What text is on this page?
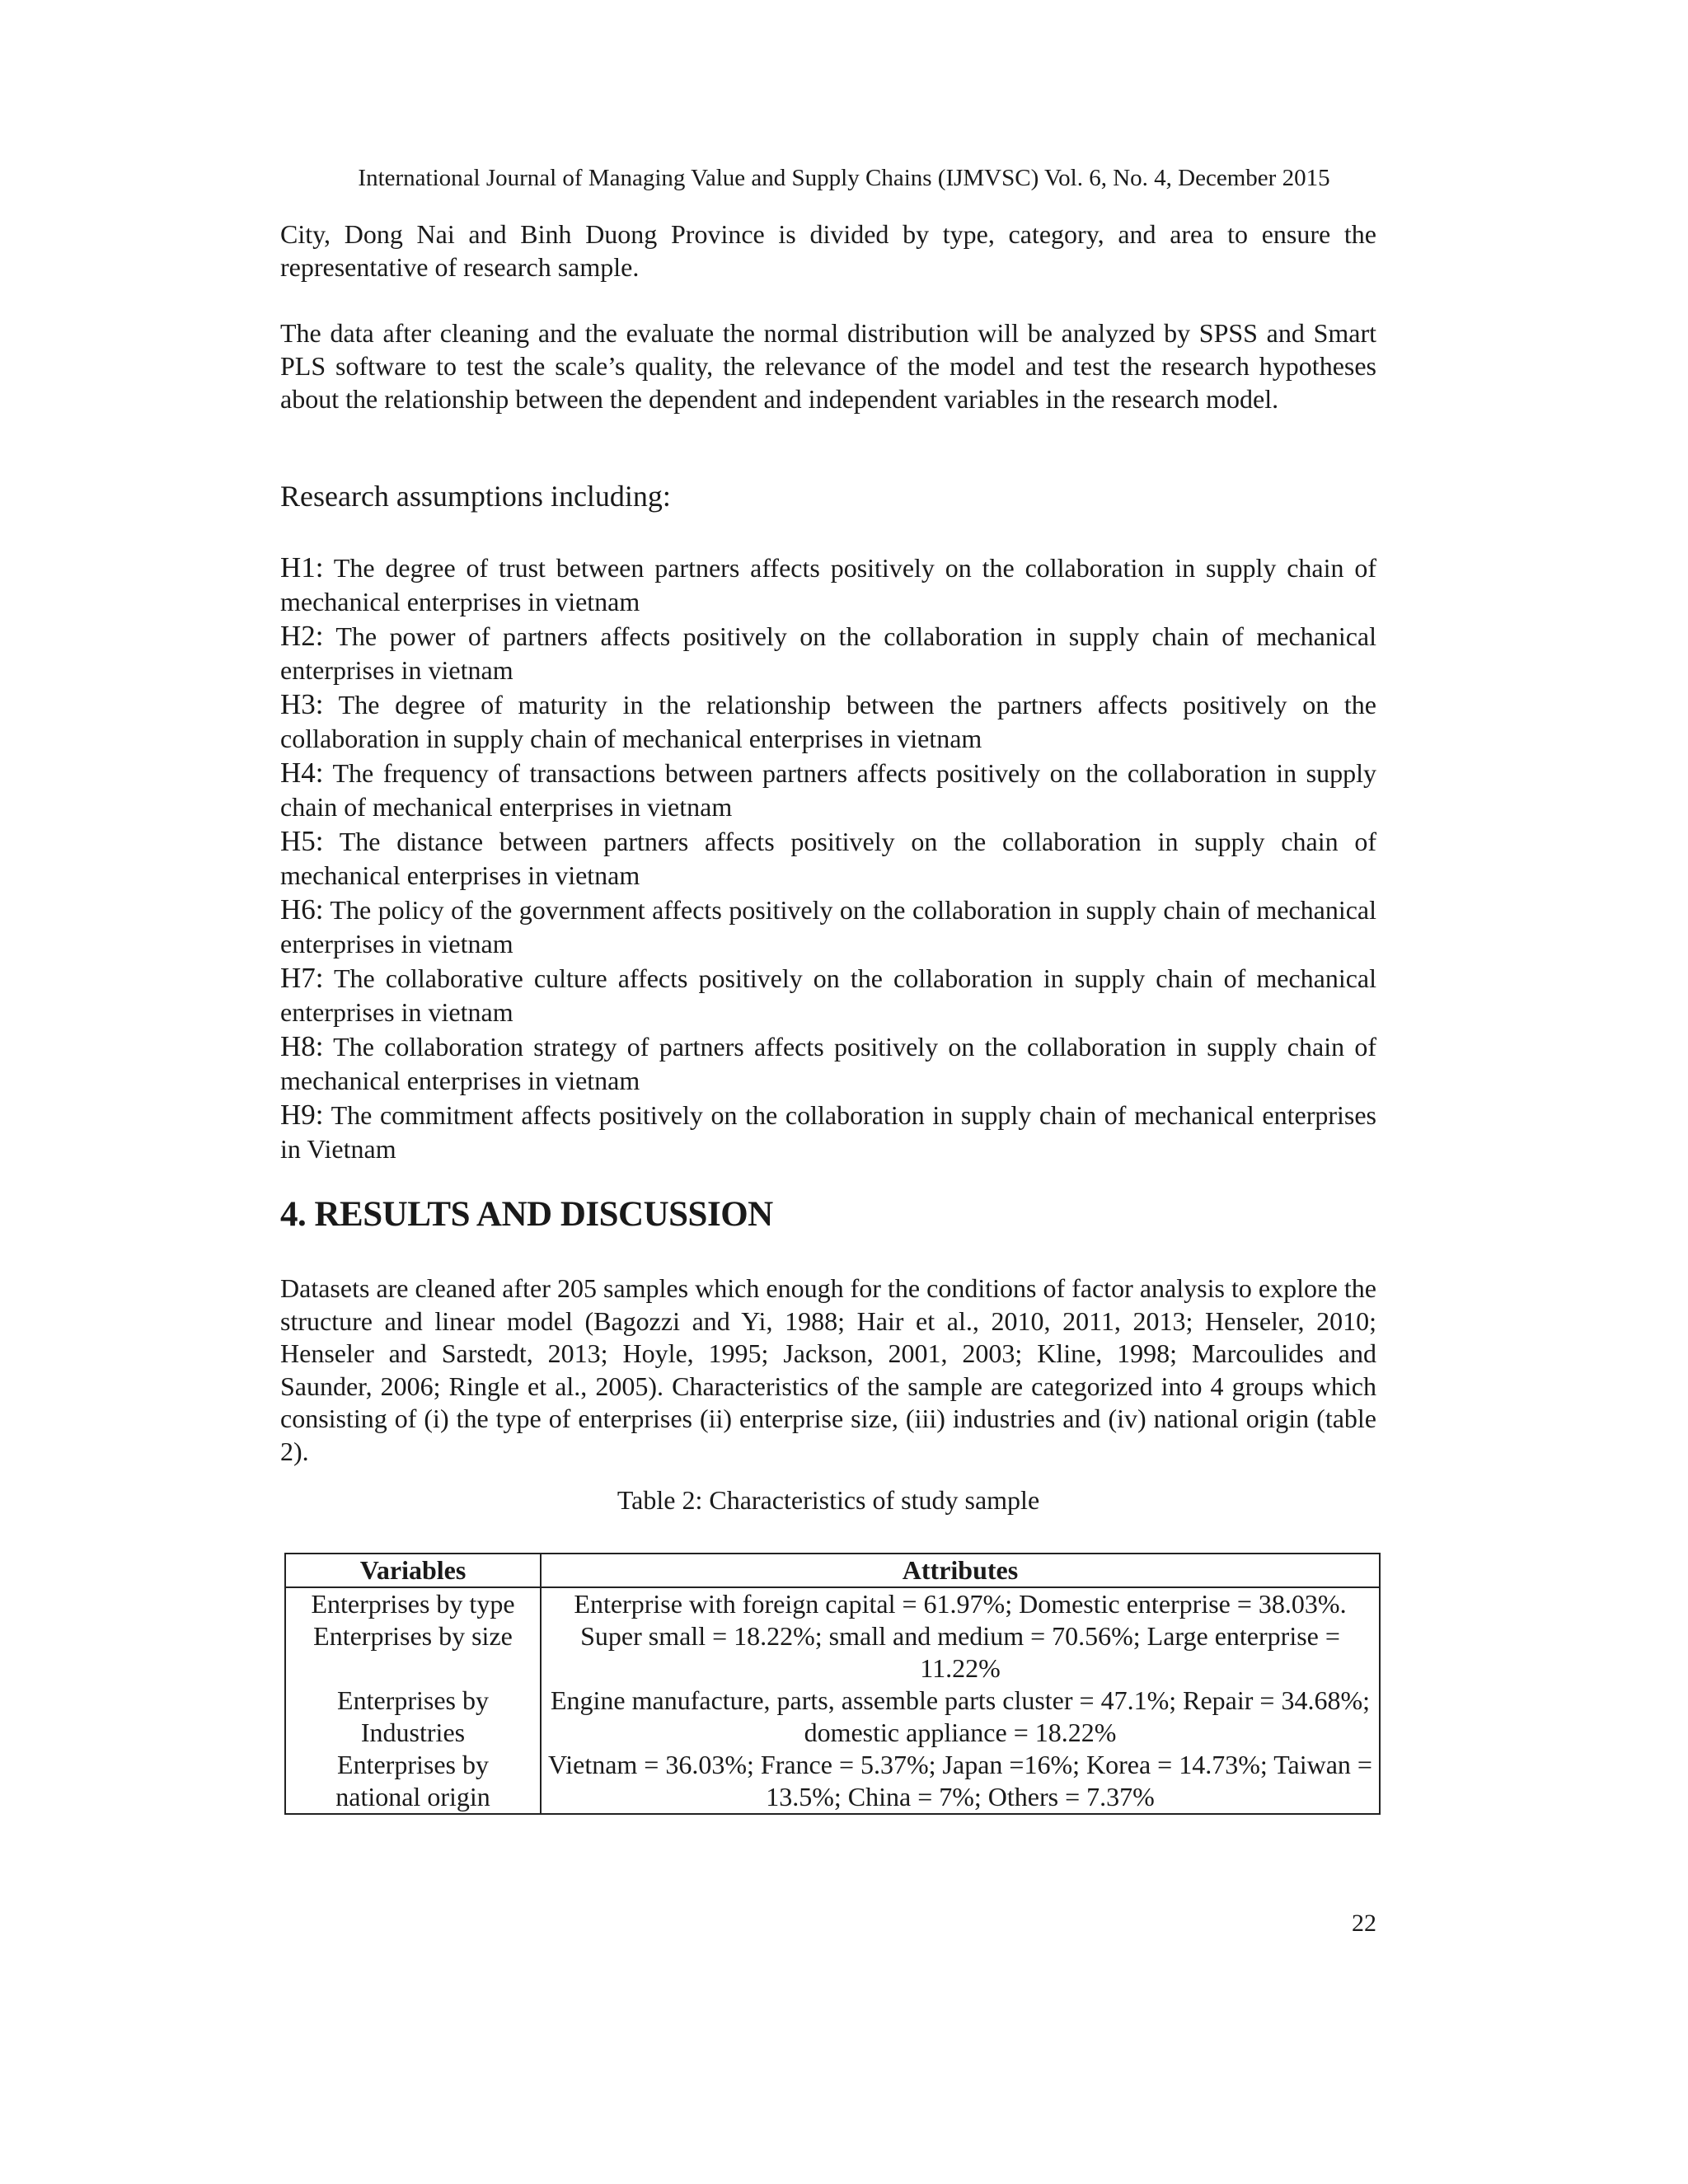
International Journal of Managing Value and Supply Chains (IJMVSC) Vol. 6, No. 4, December 2015

City, Dong Nai and Binh Duong Province is divided by type, category, and area to ensure the representative of research sample.

The data after cleaning and the evaluate the normal distribution will be analyzed by SPSS and Smart PLS software to test the scale’s quality, the relevance of the model and test the research hypotheses about the relationship between the dependent and independent variables in the research model.

Research assumptions including:

H1: The degree of trust between partners affects positively on the collaboration in supply chain of mechanical enterprises in vietnam

H2: The power of partners affects positively on the collaboration in supply chain of mechanical enterprises in vietnam

H3: The degree of maturity in the relationship between the partners affects positively on the collaboration in supply chain of mechanical enterprises in vietnam

H4: The frequency of transactions between partners affects positively on the collaboration in supply chain of mechanical enterprises in vietnam

H5: The distance between partners affects positively on the collaboration in supply chain of mechanical enterprises in vietnam

H6: The policy of the government affects positively on the collaboration in supply chain of mechanical enterprises in vietnam

H7: The collaborative culture affects positively on the collaboration in supply chain of mechanical enterprises in vietnam

H8: The collaboration strategy of partners affects positively on the collaboration in supply chain of mechanical enterprises in vietnam

H9: The commitment affects positively on the collaboration in supply chain of mechanical enterprises in Vietnam

4. RESULTS AND DISCUSSION

Datasets are cleaned after 205 samples which enough for the conditions of factor analysis to explore the structure and linear model (Bagozzi and Yi, 1988; Hair et al., 2010, 2011, 2013; Henseler, 2010; Henseler and Sarstedt, 2013; Hoyle, 1995; Jackson, 2001, 2003; Kline, 1998; Marcoulides and Saunder, 2006; Ringle et al., 2005). Characteristics of the sample are categorized into 4 groups which consisting of (i) the type of enterprises (ii) enterprise size, (iii) industries and (iv) national origin (table 2).

Table 2: Characteristics of study sample

Variables	Attributes
Enterprises by type	Enterprise with foreign capital = 61.97%; Domestic enterprise = 38.03%.
Enterprises by size	Super small = 18.22%; small and medium = 70.56%; Large enterprise = 11.22%
Enterprises by Industries	Engine manufacture, parts, assemble parts cluster = 47.1%; Repair = 34.68%; domestic appliance = 18.22%
Enterprises by national origin	Vietnam = 36.03%; France = 5.37%; Japan =16%; Korea = 14.73%; Taiwan = 13.5%; China = 7%; Others = 7.37%
22
